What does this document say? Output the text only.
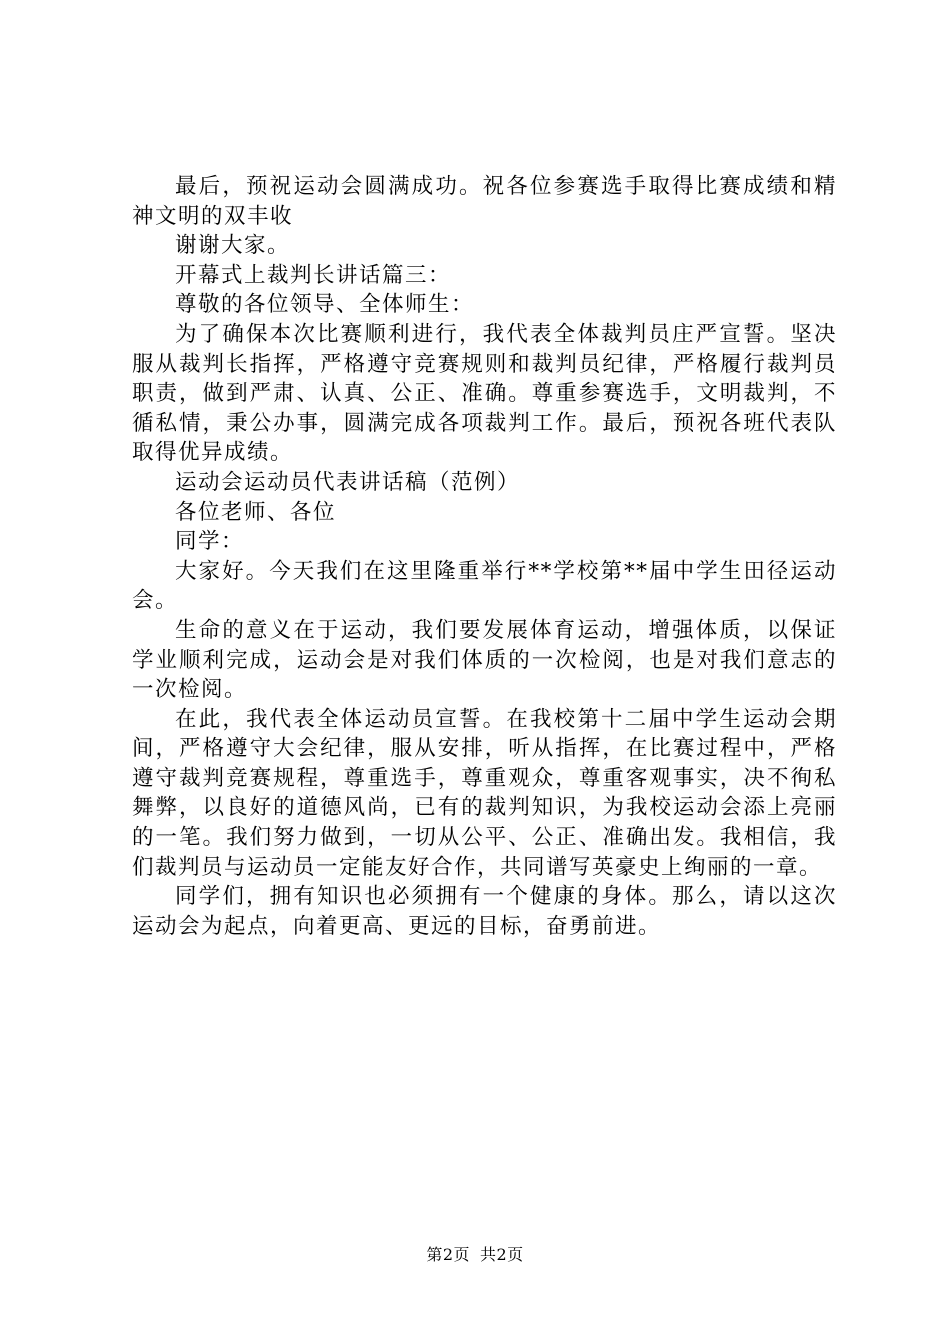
最后，预祝运动会圆满成功。祝各位参赛选手取得比赛成绩和精神文明的双丰收

谢谢大家。

开幕式上裁判长讲话篇三：

尊敬的各位领导、全体师生：

为了确保本次比赛顺利进行，我代表全体裁判员庄严宣誓。坚决服从裁判长指挥，严格遵守竞赛规则和裁判员纪律，严格履行裁判员职责，做到严肃、认真、公正、准确。尊重参赛选手，文明裁判，不循私情，秉公办事，圆满完成各项裁判工作。最后，预祝各班代表队取得优异成绩。

运动会运动员代表讲话稿（范例）

各位老师、各位

同学：

大家好。今天我们在这里隆重举行**学校第**届中学生田径运动会。

生命的意义在于运动，我们要发展体育运动，增强体质，以保证学业顺利完成，运动会是对我们体质的一次检阅，也是对我们意志的一次检阅。

在此，我代表全体运动员宣誓。在我校第十二届中学生运动会期间，严格遵守大会纪律，服从安排，听从指挥，在比赛过程中，严格遵守裁判竞赛规程，尊重选手，尊重观众，尊重客观事实，决不徇私舞弊，以良好的道德风尚，已有的裁判知识，为我校运动会添上亮丽的一笔。我们努力做到，一切从公平、公正、准确出发。我相信，我们裁判员与运动员一定能友好合作，共同谱写英豪史上绚丽的一章。

同学们，拥有知识也必须拥有一个健康的身体。那么，请以这次运动会为起点，向着更高、更远的目标，奋勇前进。

第2页 共2页
